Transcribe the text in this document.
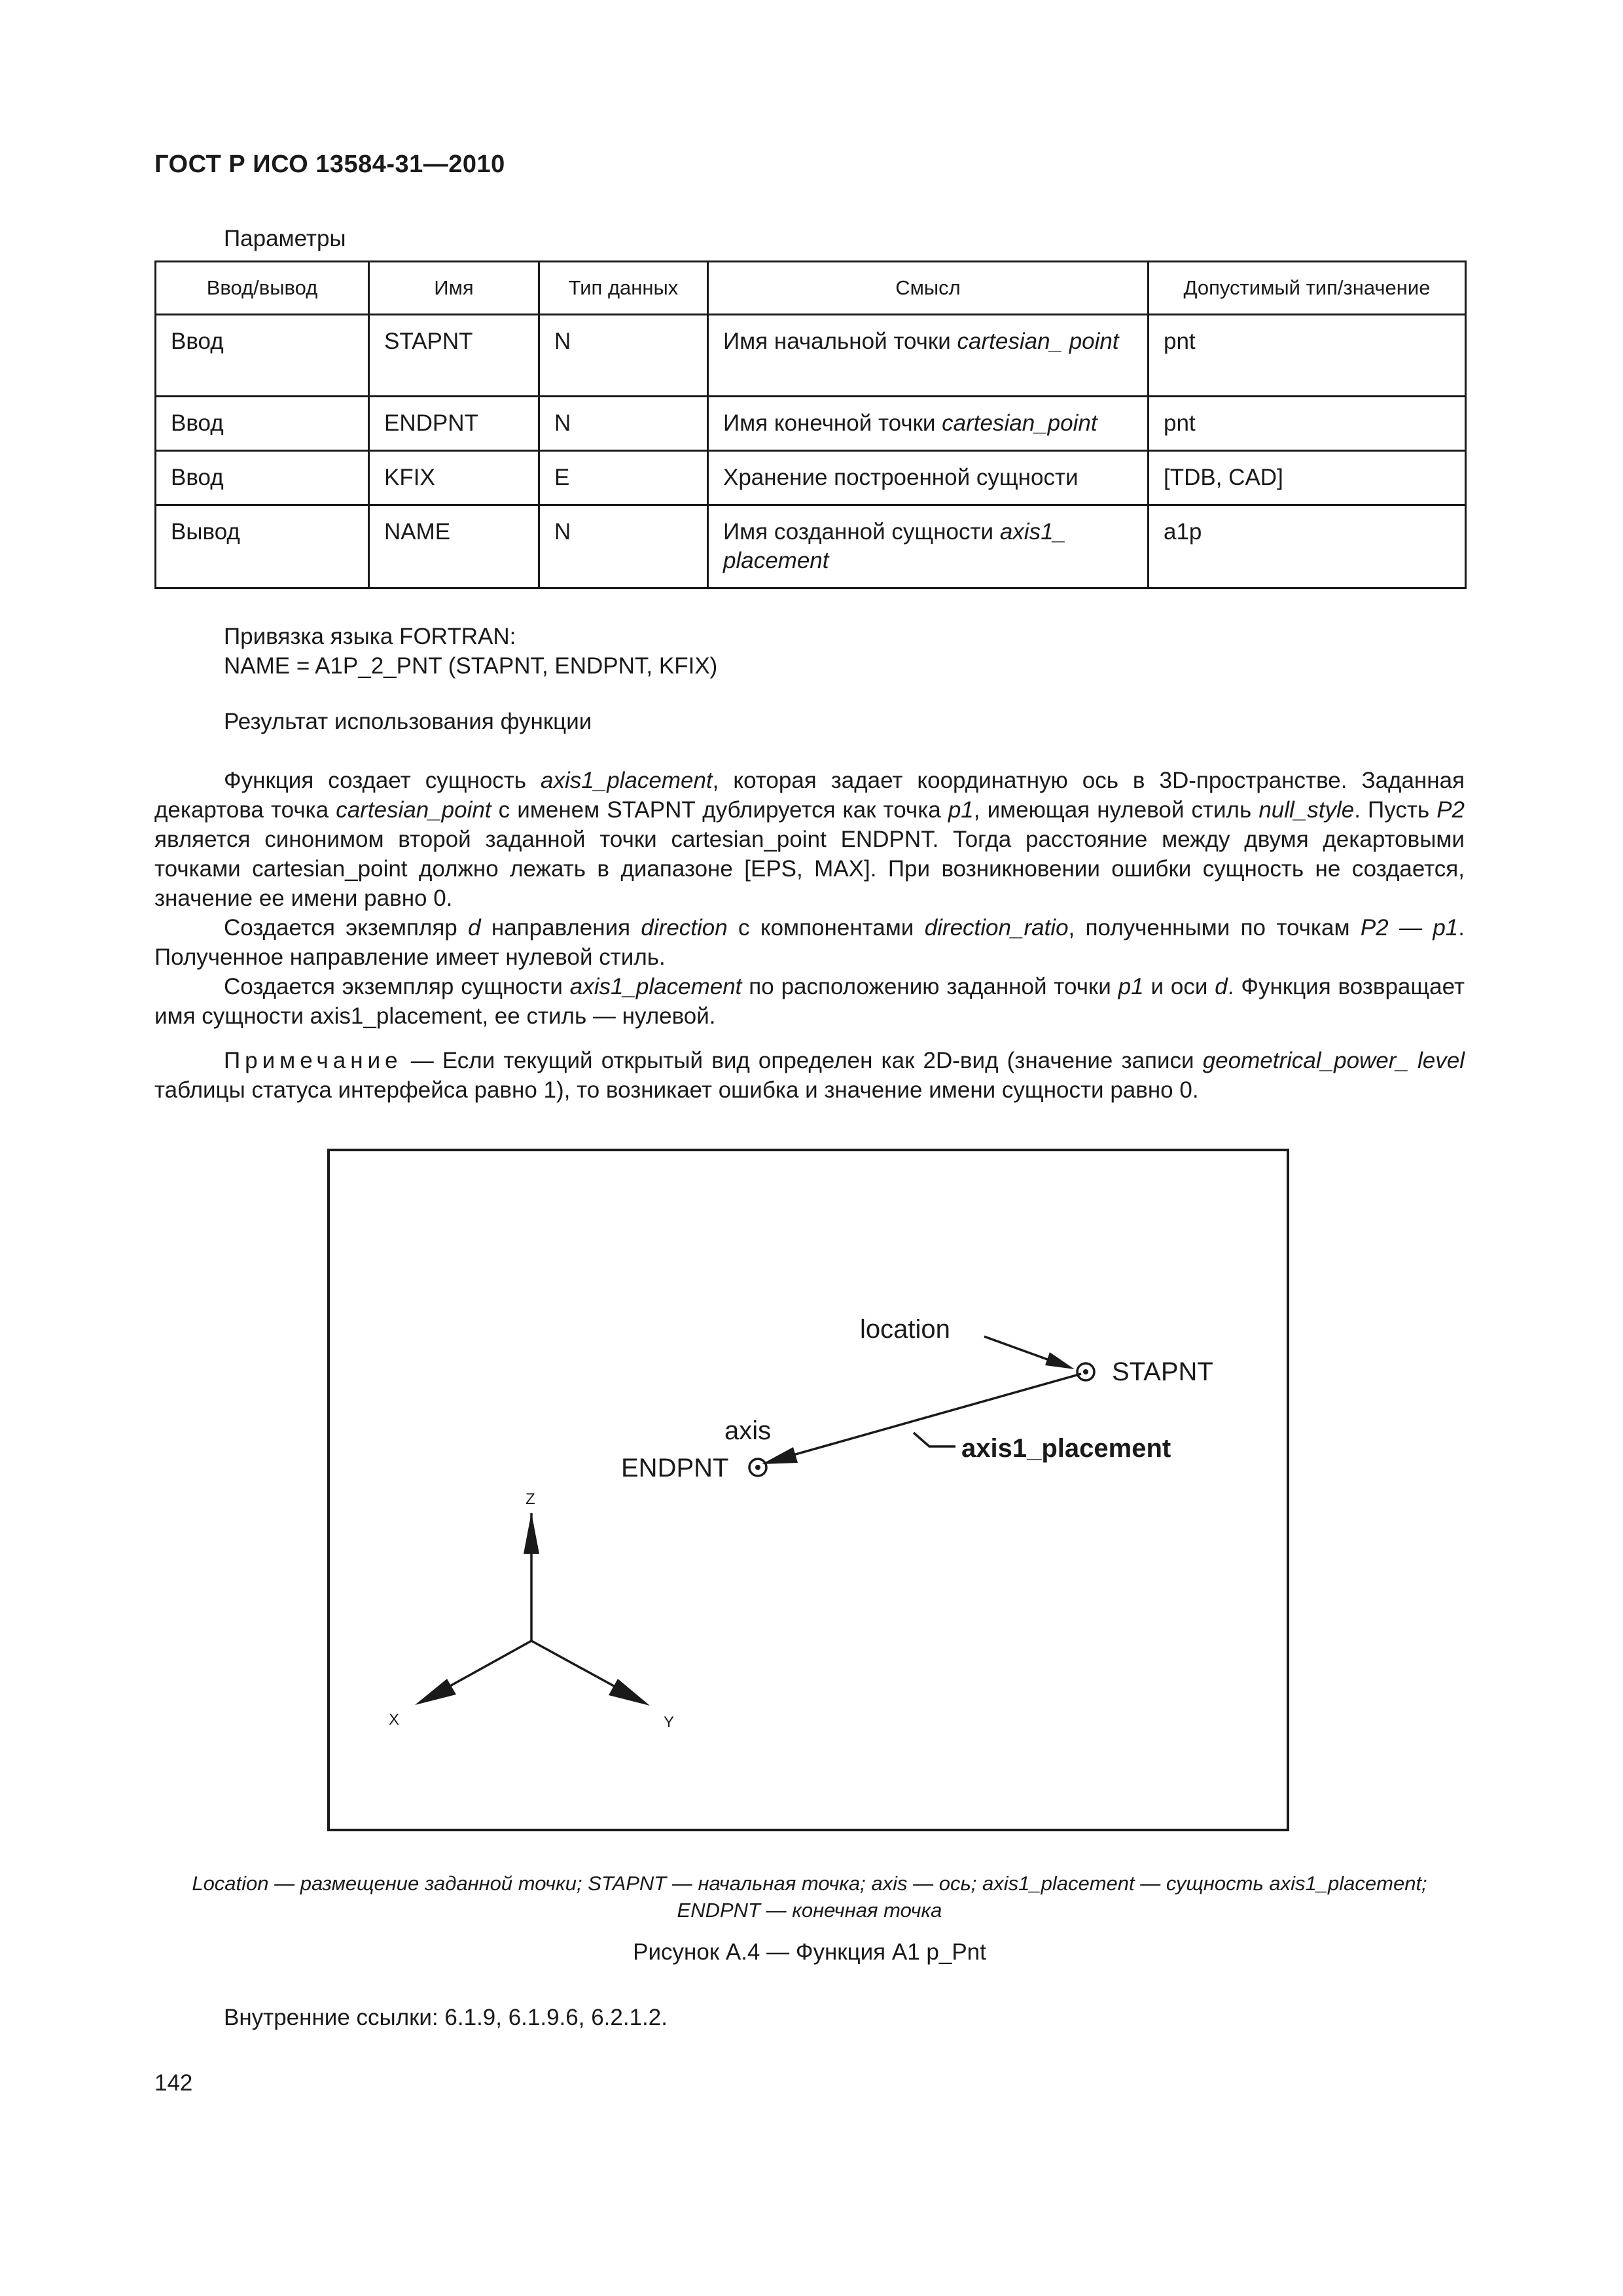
ГОСТ Р ИСО 13584-31—2010
Параметры
Ввод/вывод	Имя	Тип данных	Смысл	Допустимый тип/значение
Ввод	STAPNT	N	Имя начальной точки cartesian_ point	pnt
Ввод	ENDPNT	N	Имя конечной точки cartesian_point	pnt
Ввод	KFIX	E	Хранение построенной сущности	[TDB, CAD]
Вывод	NAME	N	Имя созданной сущности axis1_ placement	a1p
Привязка языка FORTRAN:
NAME = A1P_2_PNT (STAPNT, ENDPNT, KFIX)
Результат использования функции
Функция создает сущность axis1_placement, которая задает координатную ось в 3D-пространстве. Заданная декартова точка cartesian_point с именем STAPNT дублируется как точка p1, имеющая нулевой стиль null_style. Пусть P2 является синонимом второй заданной точки cartesian_point ENDPNT. Тогда расстояние между двумя декартовыми точками cartesian_point должно лежать в диапазоне [EPS, MAX]. При возникновении ошибки сущность не создается, значение ее имени равно 0.
Создается экземпляр d направления direction с компонентами direction_ratio, полученными по точкам P2 — p1. Полученное направление имеет нулевой стиль.
Создается экземпляр сущности axis1_placement по расположению заданной точки p1 и оси d. Функция возвращает имя сущности axis1_placement, ее стиль — нулевой.
Примечание — Если текущий открытый вид определен как 2D-вид (значение записи geometrical_power_ level таблицы статуса интерфейса равно 1), то возникает ошибка и значение имени сущности равно 0.
location
STAPNT
axis
ENDPNT
axis1_placement
Z
X	Y
Location — размещение заданной точки; STAPNT — начальная точка; axis — ось; axis1_placement — сущность axis1_placement;
ENDPNT — конечная точка
Рисунок А.4 — Функция А1 p_Pnt
Внутренние ссылки: 6.1.9, 6.1.9.6, 6.2.1.2.
142
